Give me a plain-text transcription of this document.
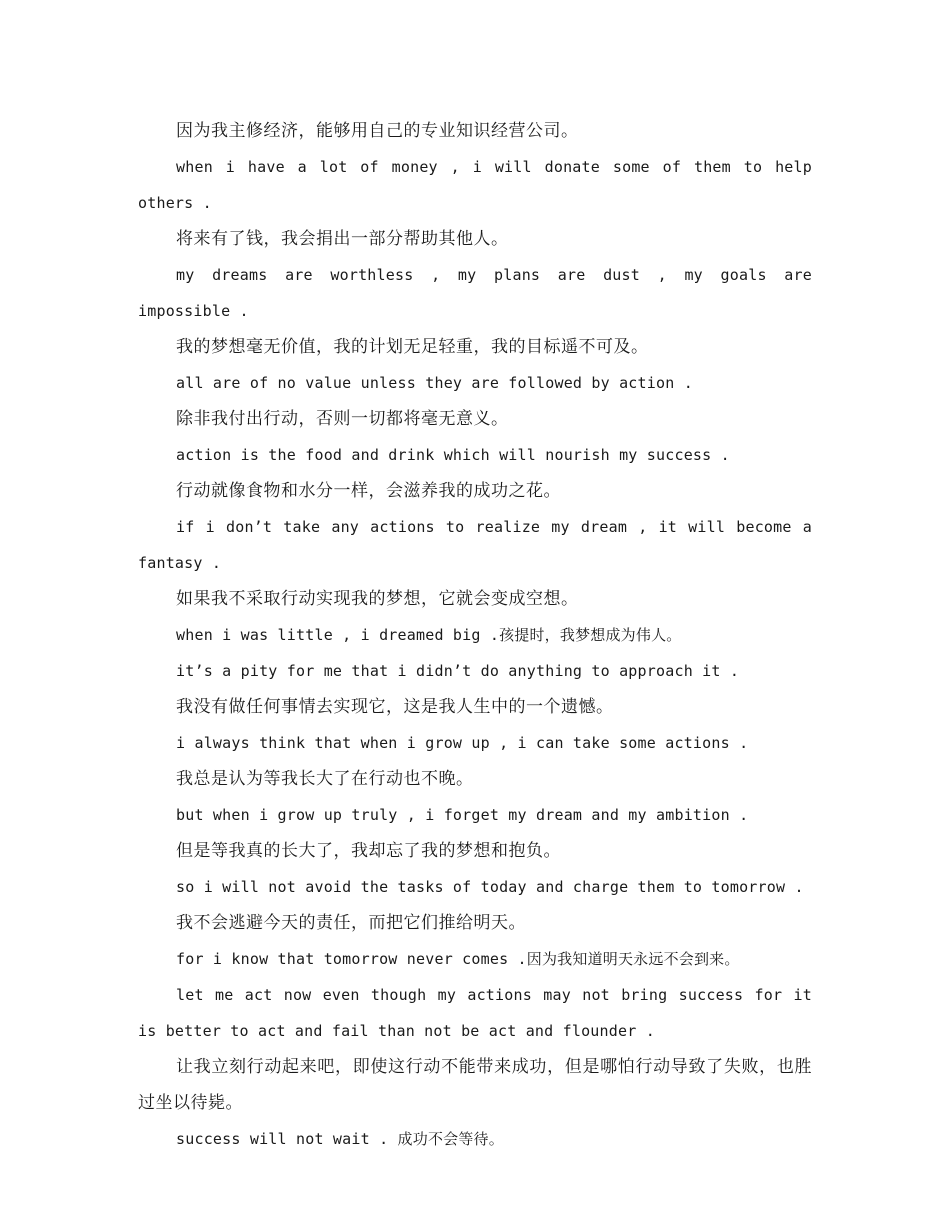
因为我主修经济，能够用自己的专业知识经营公司。

when i have a lot of money , i will donate some of them to help others .

将来有了钱，我会捐出一部分帮助其他人。

my dreams are worthless , my plans are dust , my goals are impossible .

我的梦想毫无价值，我的计划无足轻重，我的目标遥不可及。

all are of no value unless they are followed by action .

除非我付出行动，否则一切都将毫无意义。

action is the food and drink which will nourish my success .

行动就像食物和水分一样，会滋养我的成功之花。

if i don’t take any actions to realize my dream , it will become a fantasy .

如果我不采取行动实现我的梦想，它就会变成空想。

when i was little , i dreamed big .孩提时，我梦想成为伟人。

it’s a pity for me that i didn’t do anything to approach it .

我没有做任何事情去实现它，这是我人生中的一个遗憾。

i always think that when i grow up , i can take some actions .

我总是认为等我长大了在行动也不晚。

but when i grow up truly , i forget my dream and my ambition .

但是等我真的长大了，我却忘了我的梦想和抱负。

so i will not avoid the tasks of today and charge them to tomorrow .

我不会逃避今天的责任，而把它们推给明天。

for i know that tomorrow never comes .因为我知道明天永远不会到来。

let me act now even though my actions may not bring success for it is better to act and fail than not be act and flounder .

让我立刻行动起来吧，即使这行动不能带来成功，但是哪怕行动导致了失败，也胜过坐以待毙。

success will not wait . 成功不会等待。
